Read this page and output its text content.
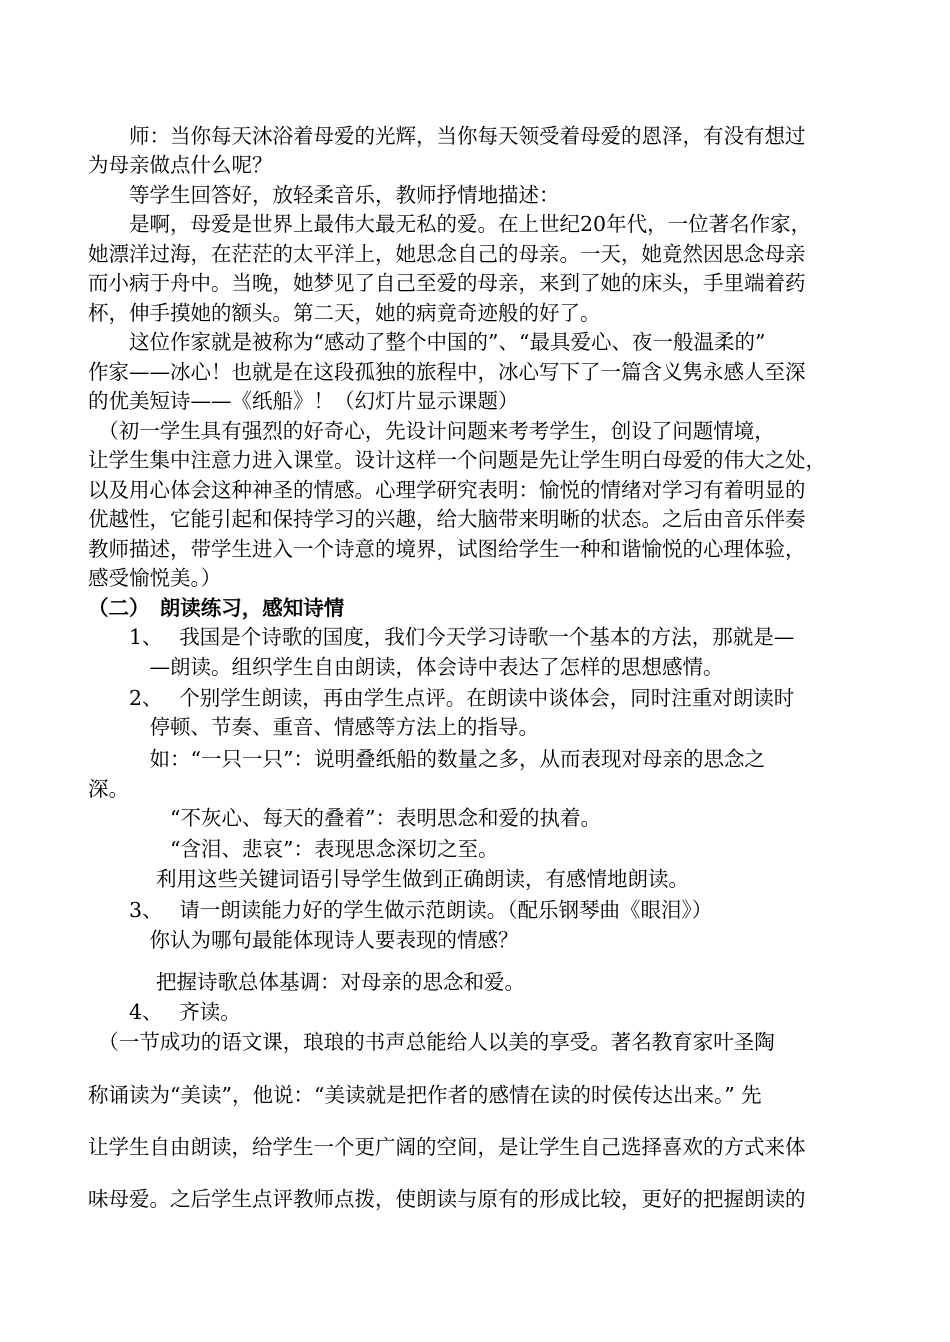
　　师：当你每天沐浴着母爱的光辉，当你每天领受着母爱的恩泽，有没有想过
为母亲做点什么呢？
　　等学生回答好，放轻柔音乐，教师抒情地描述：
　　是啊，母爱是世界上最伟大最无私的爱。在上世纪20年代，一位著名作家，
她漂洋过海，在茫茫的太平洋上，她思念自己的母亲。一天，她竟然因思念母亲
而小病于舟中。当晚，她梦见了自己至爱的母亲，来到了她的床头，手里端着药
杯，伸手摸她的额头。第二天，她的病竟奇迹般的好了。
　　这位作家就是被称为“感动了整个中国的”、“最具爱心、夜一般温柔的”
作家——冰心！也就是在这段孤独的旅程中，冰心写下了一篇含义隽永感人至深
的优美短诗——《纸船》！（幻灯片显示课题）
　（初一学生具有强烈的好奇心，先设计问题来考考学生，创设了问题情境，
让学生集中注意力进入课堂。设计这样一个问题是先让学生明白母爱的伟大之处，
以及用心体会这种神圣的情感。心理学研究表明：愉悦的情绪对学习有着明显的
优越性，它能引起和保持学习的兴趣，给大脑带来明晰的状态。之后由音乐伴奏
教师描述，带学生进入一个诗意的境界，试图给学生一种和谐愉悦的心理体验，
感受愉悦美。）
（二）　朗读练习，感知诗情
　　1、　 我国是个诗歌的国度，我们今天学习诗歌一个基本的方法，那就是—
　　　—朗读。组织学生自由朗读，体会诗中表达了怎样的思想感情。
　　2、　 个别学生朗读，再由学生点评。在朗读中谈体会，同时注重对朗读时
　　　停顿、节奏、重音、情感等方法上的指导。
　　　如：“一只一只”：说明叠纸船的数量之多，从而表现对母亲的思念之
深。
　　　　“不灰心、每天的叠着”：表明思念和爱的执着。
　　　　“含泪、悲哀”：表现思念深切之至。
　　　 利用这些关键词语引导学生做到正确朗读，有感情地朗读。
　　3、　 请一朗读能力好的学生做示范朗读。（配乐钢琴曲《眼泪》）
　　　你认为哪句最能体现诗人要表现的情感？
　　　 把握诗歌总体基调：对母亲的思念和爱。
　　4、　 齐读。
　（一节成功的语文课，琅琅的书声总能给人以美的享受。著名教育家叶圣陶
称诵读为“美读”，他说：“美读就是把作者的感情在读的时侯传达出来。” 先
让学生自由朗读，给学生一个更广阔的空间，是让学生自己选择喜欢的方式来体
味母爱。之后学生点评教师点拨，使朗读与原有的形成比较，更好的把握朗读的
